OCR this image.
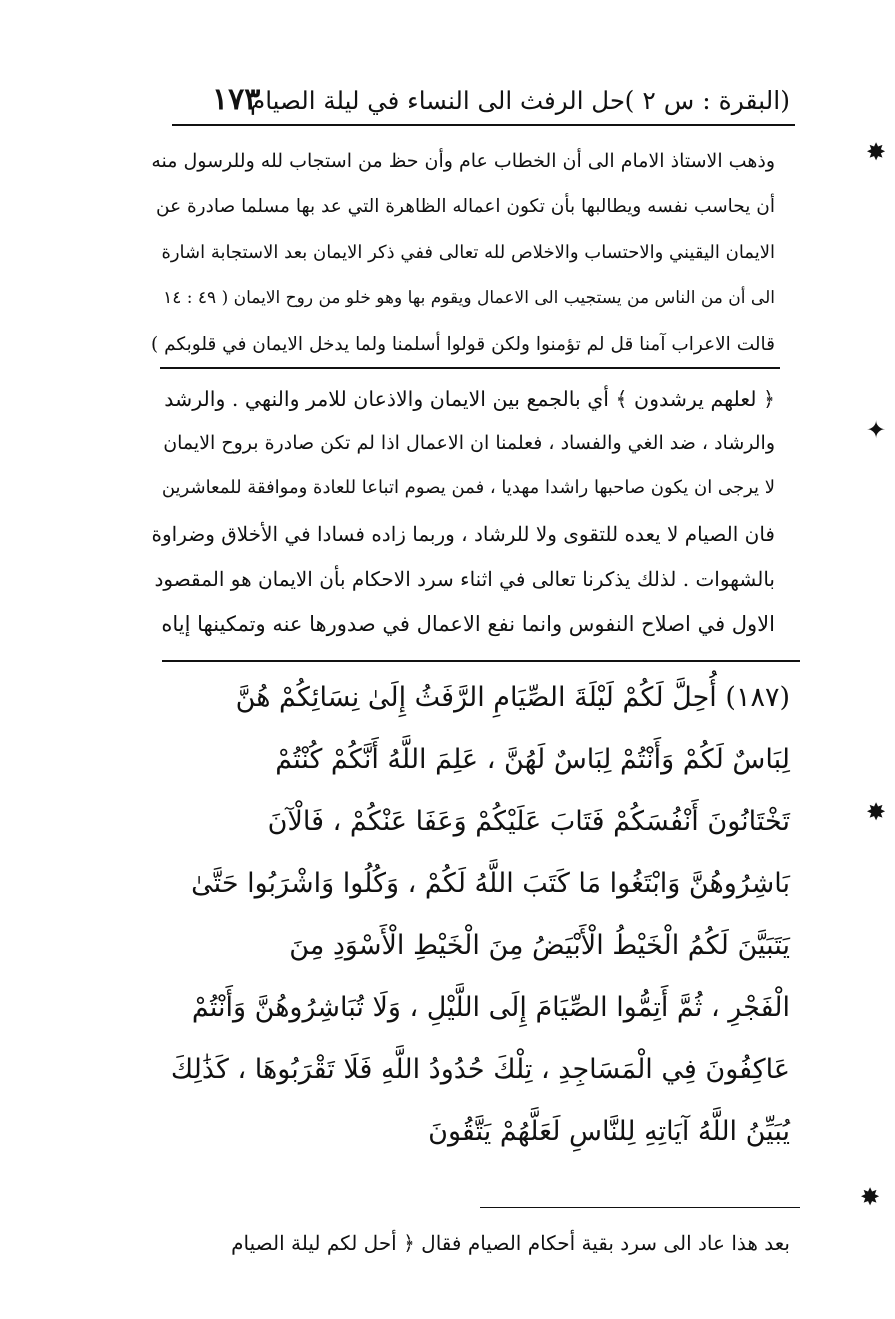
(البقرة : س ٢ )
حل الرفث الى النساء في ليلة الصيام
١٧٣
وذهب الاستاذ الامام الى أن الخطاب عام وأن حظ من استجاب لله وللرسول منه
أن يحاسب نفسه ويطالبها بأن تكون اعماله الظاهرة التي عد بها مسلما صادرة عن
الايمان اليقيني والاحتساب والاخلاص لله تعالى ففي ذكر الايمان بعد الاستجابة اشارة
الى أن من الناس من يستجيب الى الاعمال ويقوم بها وهو خلو من روح الايمان ( ٤٩ : ١٤
قالت الاعراب آمنا قل لم تؤمنوا ولكن قولوا أسلمنا ولما يدخل الايمان في قلوبكم )
﴿ لعلهم يرشدون ﴾ أي بالجمع بين الايمان والاذعان للامر والنهي . والرشد
والرشاد ، ضد الغي والفساد ، فعلمنا ان الاعمال اذا لم تكن صادرة بروح الايمان
لا يرجى ان يكون صاحبها راشدا مهديا ، فمن يصوم اتباعا للعادة وموافقة للمعاشرين
فان الصيام لا يعده للتقوى ولا للرشاد ، وربما زاده فسادا في الأخلاق وضراوة
بالشهوات . لذلك يذكرنا تعالى في اثناء سرد الاحكام بأن الايمان هو المقصود
الاول في اصلاح النفوس وانما نفع الاعمال في صدورها عنه وتمكينها إياه
(١٨٧) أُحِلَّ لَكُمْ لَيْلَةَ الصِّيَامِ الرَّفَثُ إِلَىٰ نِسَائِكُمْ هُنَّ
لِبَاسٌ لَكُمْ وَأَنْتُمْ لِبَاسٌ لَهُنَّ ، عَلِمَ اللَّهُ أَنَّكُمْ كُنْتُمْ
تَخْتَانُونَ أَنْفُسَكُمْ فَتَابَ عَلَيْكُمْ وَعَفَا عَنْكُمْ ، فَالْآنَ
بَاشِرُوهُنَّ وَابْتَغُوا مَا كَتَبَ اللَّهُ لَكُمْ ، وَكُلُوا وَاشْرَبُوا حَتَّىٰ
يَتَبَيَّنَ لَكُمُ الْخَيْطُ الْأَبْيَضُ مِنَ الْخَيْطِ الْأَسْوَدِ مِنَ
الْفَجْرِ ، ثُمَّ أَتِمُّوا الصِّيَامَ إِلَى اللَّيْلِ ، وَلَا تُبَاشِرُوهُنَّ وَأَنْتُمْ
عَاكِفُونَ فِي الْمَسَاجِدِ ، تِلْكَ حُدُودُ اللَّهِ فَلَا تَقْرَبُوهَا ، كَذَٰلِكَ
يُبَيِّنُ اللَّهُ آيَاتِهِ لِلنَّاسِ لَعَلَّهُمْ يَتَّقُونَ
بعد هذا عاد الى سرد بقية أحكام الصيام فقال ﴿ أحل لكم ليلة الصيام
✸
✦
✸
✸
